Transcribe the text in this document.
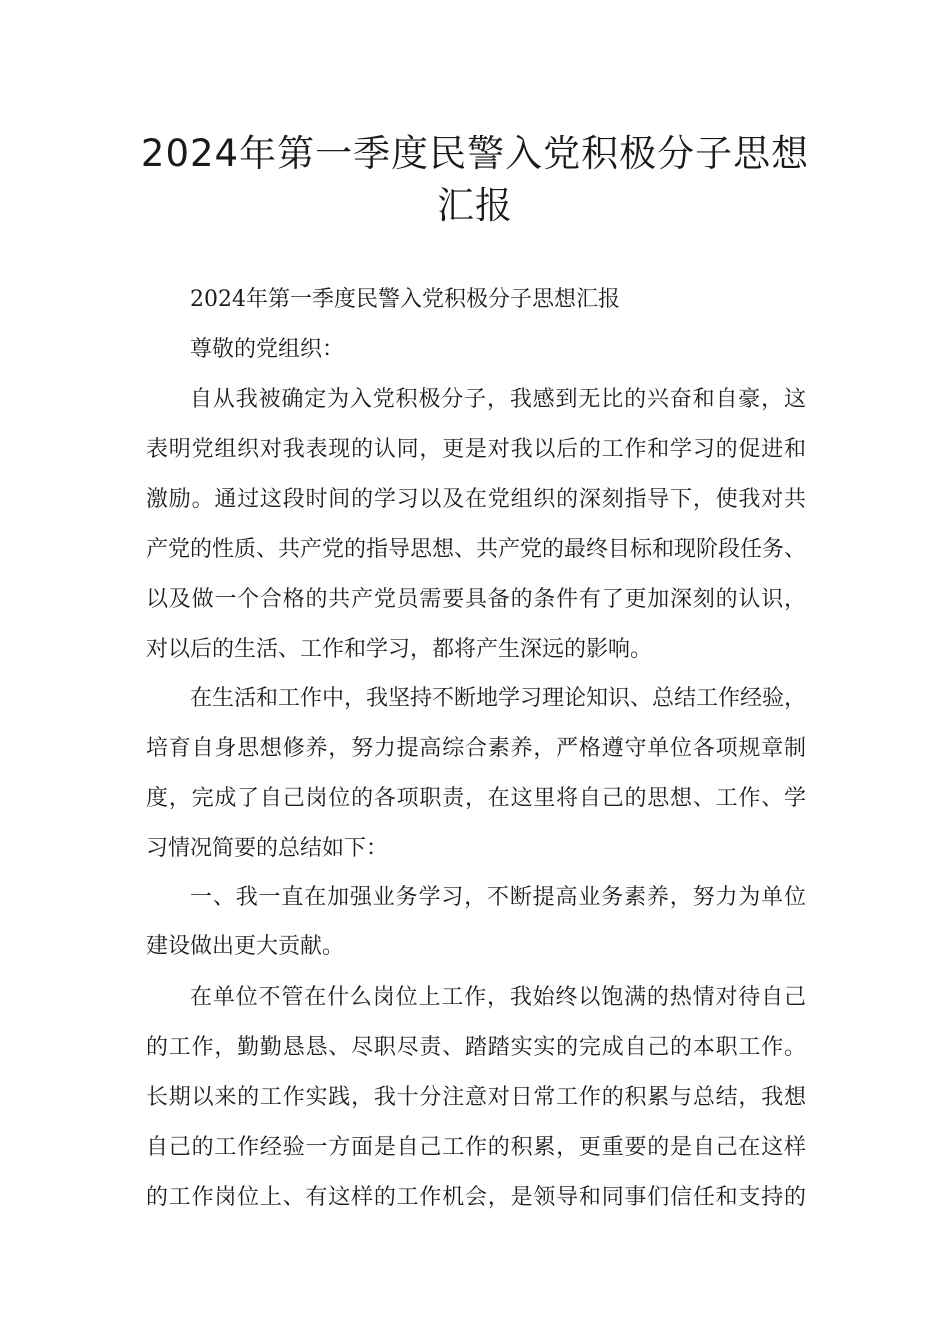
2024年第一季度民警入党积极分子思想
汇报

2024年第一季度民警入党积极分子思想汇报

尊敬的党组织：

自从我被确定为入党积极分子，我感到无比的兴奋和自豪，这

表明党组织对我表现的认同，更是对我以后的工作和学习的促进和

激励。通过这段时间的学习以及在党组织的深刻指导下，使我对共

产党的性质、共产党的指导思想、共产党的最终目标和现阶段任务、

以及做一个合格的共产党员需要具备的条件有了更加深刻的认识，

对以后的生活、工作和学习，都将产生深远的影响。

在生活和工作中，我坚持不断地学习理论知识、总结工作经验，

培育自身思想修养，努力提高综合素养，严格遵守单位各项规章制

度，完成了自己岗位的各项职责，在这里将自己的思想、工作、学

习情况简要的总结如下：

一、我一直在加强业务学习，不断提高业务素养，努力为单位

建设做出更大贡献。

在单位不管在什么岗位上工作，我始终以饱满的热情对待自己

的工作，勤勤恳恳、尽职尽责、踏踏实实的完成自己的本职工作。

长期以来的工作实践，我十分注意对日常工作的积累与总结，我想

自己的工作经验一方面是自己工作的积累，更重要的是自己在这样

的工作岗位上、有这样的工作机会，是领导和同事们信任和支持的
